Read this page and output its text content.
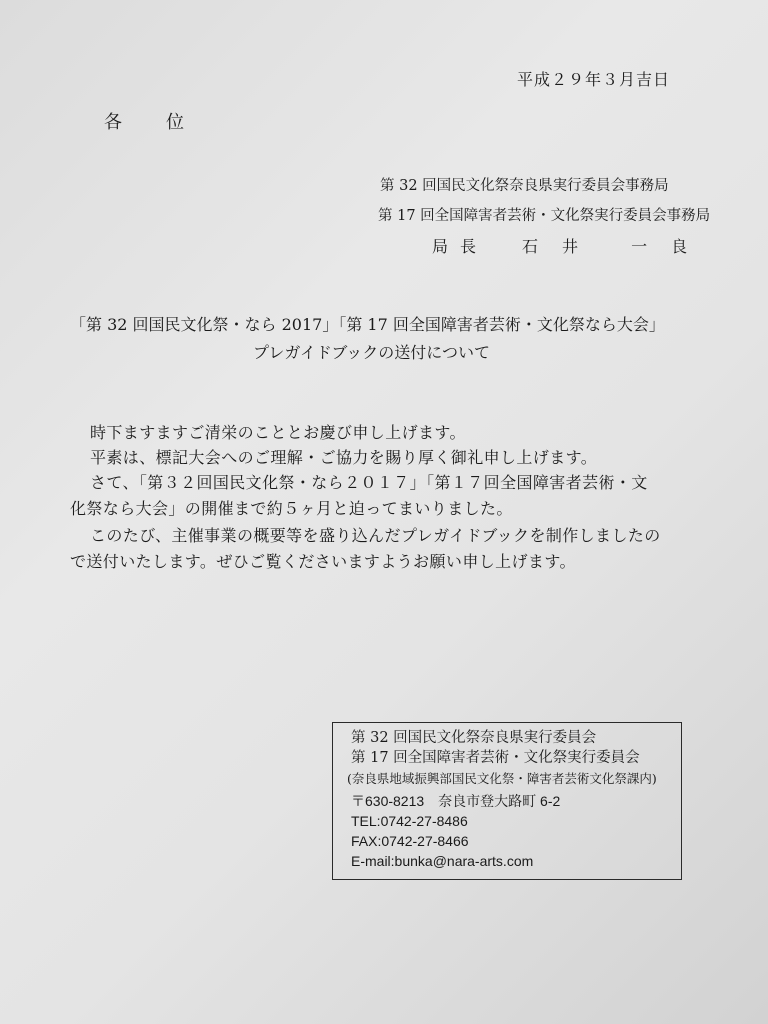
平成２９年３月吉日
各位
第 32 回国民文化祭奈良県実行委員会事務局
第 17 回全国障害者芸術・文化祭実行委員会事務局
局長 石井 一良
「第 32 回国民文化祭・なら 2017」「第 17 回全国障害者芸術・文化祭なら大会」
プレガイドブックの送付について
時下ますますご清栄のこととお慶び申し上げます。
平素は、標記大会へのご理解・ご協力を賜り厚く御礼申し上げます。
さて、「第３２回国民文化祭・なら２０１７」「第１７回全国障害者芸術・文
化祭なら大会」の開催まで約５ヶ月と迫ってまいりました。
このたび、主催事業の概要等を盛り込んだプレガイドブックを制作しましたの
で送付いたします。ぜひご覧くださいますようお願い申し上げます。
第 32 回国民文化祭奈良県実行委員会
第 17 回全国障害者芸術・文化祭実行委員会
(奈良県地域振興部国民文化祭・障害者芸術文化祭課内)
〒630-8213　奈良市登大路町 6-2
TEL:0742-27-8486
FAX:0742-27-8466
E-mail:bunka@nara-arts.com
